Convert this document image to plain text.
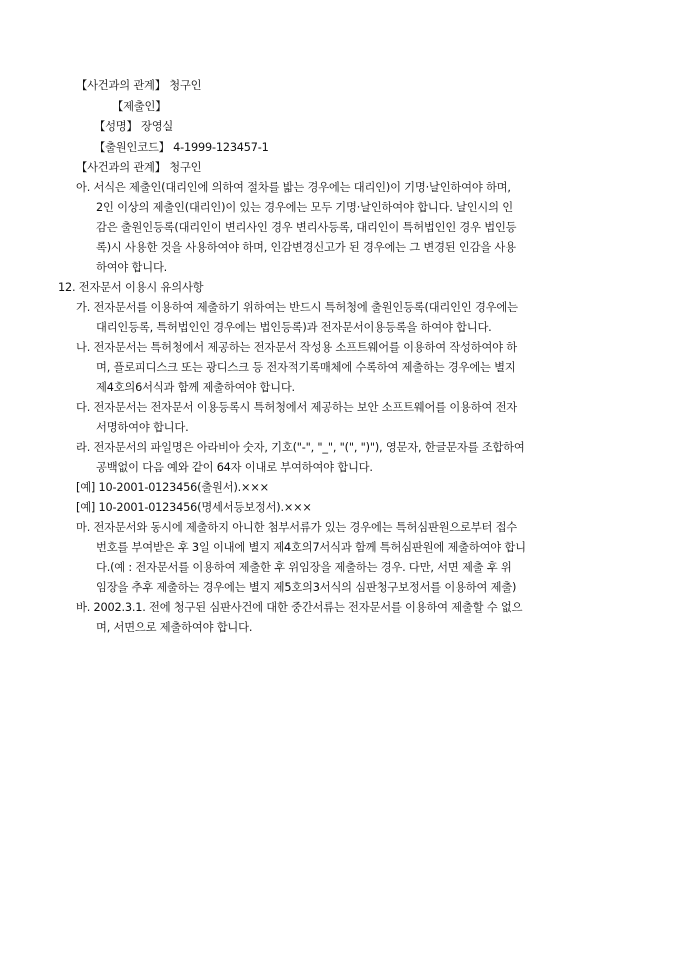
【사건과의 관계】 청구인
【제출인】
【성명】 장영실
【출원인코드】 4-1999-123457-1
【사건과의 관계】 청구인
아. 서식은 제출인(대리인에 의하여 절차를 밟는 경우에는 대리인)이 기명·날인하여야 하며,
2인 이상의 제출인(대리인)이 있는 경우에는 모두 기명·날인하여야 합니다. 날인시의 인
감은 출원인등록(대리인이 변리사인 경우 변리사등록, 대리인이 특허법인인 경우 법인등
록)시 사용한 것을 사용하여야 하며, 인감변경신고가 된 경우에는 그 변경된 인감을 사용
하여야 합니다.
12. 전자문서 이용시 유의사항
가. 전자문서를 이용하여 제출하기 위하여는 반드시 특허청에 출원인등록(대리인인 경우에는
대리인등록, 특허법인인 경우에는 법인등록)과 전자문서이용등록을 하여야 합니다.
나. 전자문서는 특허청에서 제공하는 전자문서 작성용 소프트웨어를 이용하여 작성하여야 하
며, 플로피디스크 또는 광디스크 등 전자적기록매체에 수록하여 제출하는 경우에는 별지
제4호의6서식과 함께 제출하여야 합니다.
다. 전자문서는 전자문서 이용등록시 특허청에서 제공하는 보안 소프트웨어를 이용하여 전자
서명하여야 합니다.
라. 전자문서의 파일명은 아라비아 숫자, 기호("-", "_", "(", ")"), 영문자, 한글문자를 조합하여
공백없이 다음 예와 같이 64자 이내로 부여하여야 합니다.
[예] 10-2001-0123456(출원서).×××
[예] 10-2001-0123456(명세서등보정서).×××
마. 전자문서와 동시에 제출하지 아니한 첨부서류가 있는 경우에는 특허심판원으로부터 접수
번호를 부여받은 후 3일 이내에 별지 제4호의7서식과 함께 특허심판원에 제출하여야 합니
다.(예 : 전자문서를 이용하여 제출한 후 위임장을 제출하는 경우. 다만, 서면 제출 후 위
임장을 추후 제출하는 경우에는 별지 제5호의3서식의 심판청구보정서를 이용하여 제출)
바. 2002.3.1. 전에 청구된 심판사건에 대한 중간서류는 전자문서를 이용하여 제출할 수 없으
며, 서면으로 제출하여야 합니다.
